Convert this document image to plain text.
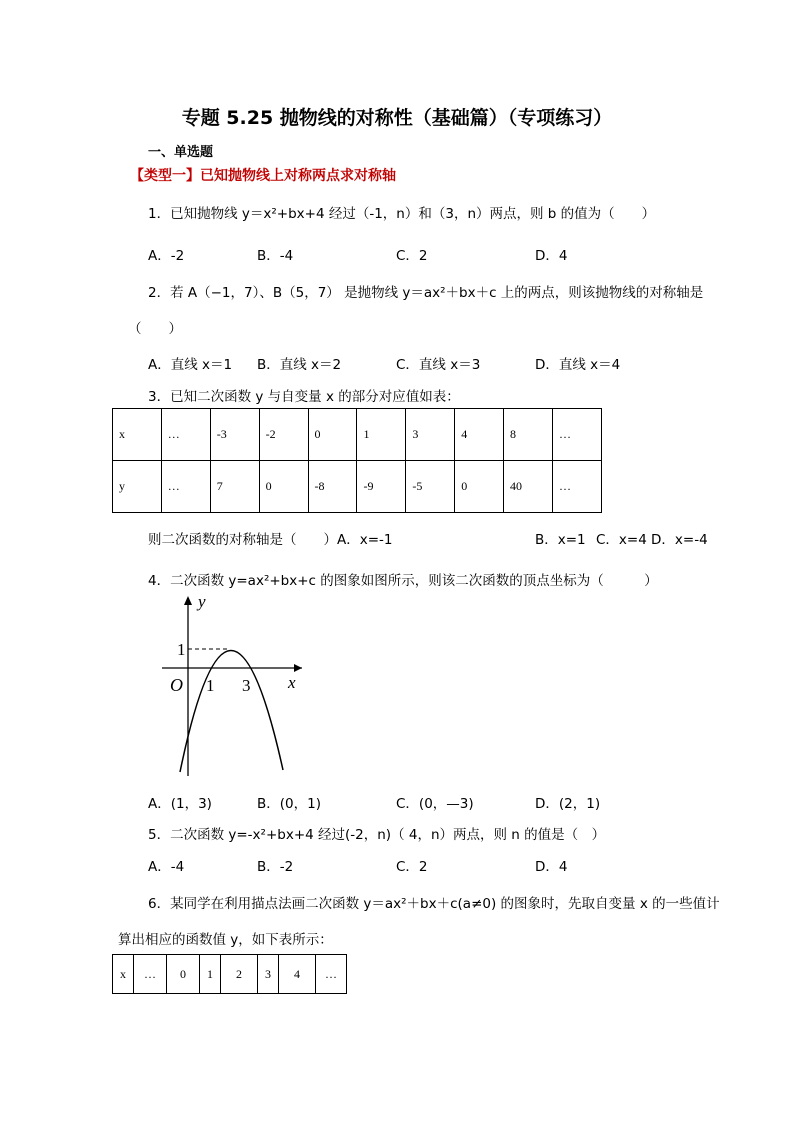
专题 5.25 抛物线的对称性（基础篇）（专项练习）
一、单选题
【类型一】已知抛物线上对称两点求对称轴
1．已知抛物线 y＝x²+bx+4 经过（-1，n）和（3，n）两点，则 b 的值为（　　）
A．-2	B．-4	C．2	D．4
2．若 A（−1，7）、B（5，7） 是抛物线 y＝ax²＋bx＋c 上的两点，则该抛物线的对称轴是
（　　）
A．直线 x＝1 B．直线 x＝2	C．直线 x＝3	D．直线 x＝4
3．已知二次函数 y 与自变量 x 的部分对应值如表：
x	…	-3	-2	0	1	3	4	8	…
y	…	7	0	-8	-9	-5	0	40	…
则二次函数的对称轴是（　　）A．x=-1	B．x=1 C．x=4 D．x=-4
4．二次函数 y=ax²+bx+c 的图象如图所示，则该二次函数的顶点坐标为（　　　）
y
x
O
1
1 3
A．(1，3)	B．(0，1)	C．(0，—3)	D．(2，1)
5．二次函数 y=-x²+bx+4 经过(-2，n)（ 4，n）两点，则 n 的值是（　）
A．-4	B．-2	C．2	D．4
6．某同学在利用描点法画二次函数 y＝ax²＋bx＋c(a≠0) 的图象时，先取自变量 x 的一些值计
算出相应的函数值 y，如下表所示：
x	…	0	1	2	3	4	…
